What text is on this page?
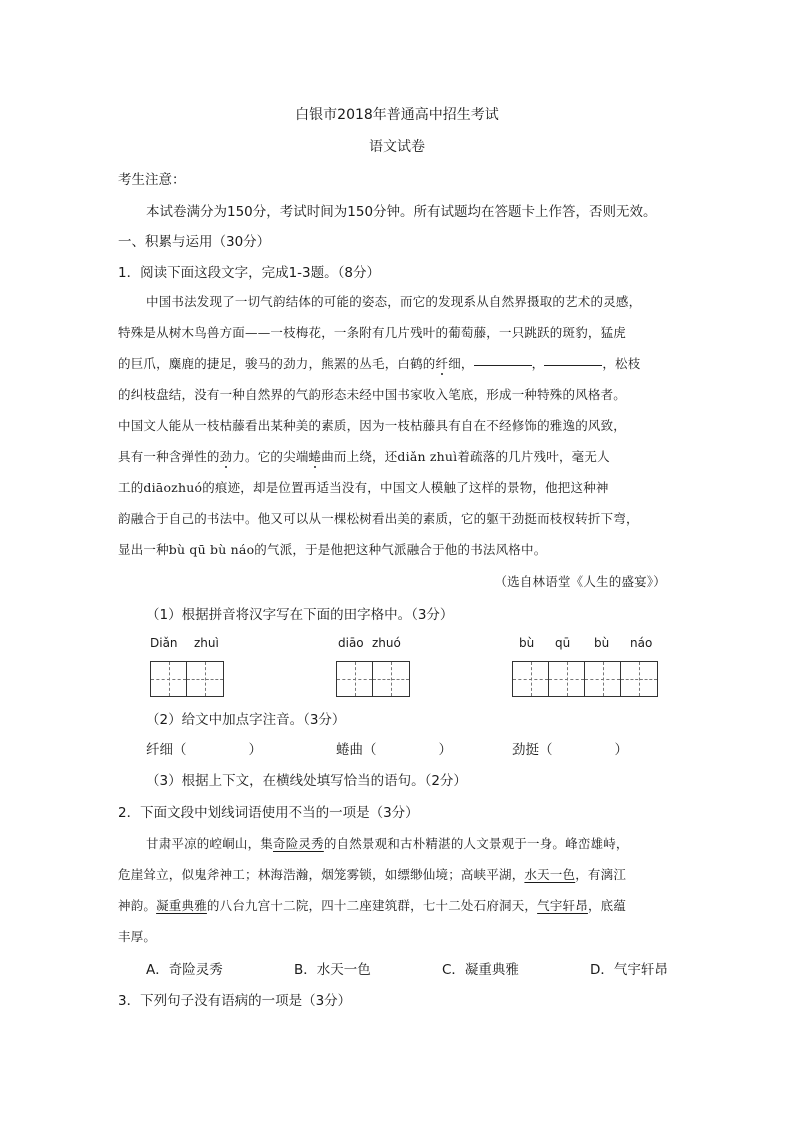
白银市2018年普通高中招生考试
语文试卷
考生注意：
本试卷满分为150分，考试时间为150分钟。所有试题均在答题卡上作答，否则无效。
一、积累与运用（30分）
1．阅读下面这段文字，完成1-3题。（8分）
中国书法发现了一切气韵结体的可能的姿态，而它的发现系从自然界摄取的艺术的灵感，
特殊是从树木鸟兽方面——一枝梅花，一条附有几片残叶的葡萄藤，一只跳跃的斑豹，猛虎
的巨爪，麋鹿的捷足，骏马的劲力，熊罴的丛毛，白鹤的纤细，	，	，松枝
的纠枝盘结，没有一种自然界的气韵形态未经中国书家收入笔底，形成一种特殊的风格者。
中国文人能从一枝枯藤看出某种美的素质，因为一枝枯藤具有自在不经修饰的雅逸的风致，
具有一种含弹性的劲力。它的尖端蜷曲而上绕，还diǎn zhuì着疏落的几片残叶，毫无人
工的diāozhuó的痕迹，却是位置再适当没有，中国文人模触了这样的景物，他把这种神
韵融合于自己的书法中。他又可以从一棵松树看出美的素质，它的躯干劲挺而枝杈转折下弯，
显出一种bù qū bù náo的气派，于是他把这种气派融合于他的书法风格中。
（选自林语堂《人生的盛宴》）
（1）根据拼音将汉字写在下面的田字格中。（3分）
Diǎn zhuì	diāo zhuó	bù qū bù náo
（2）给文中加点字注音。（3分）
纤细（	）	蜷曲（	）	劲挺（	）
（3）根据上下文，在横线处填写恰当的语句。（2分）
2．下面文段中划线词语使用不当的一项是（3分）
甘肃平凉的崆峒山，集奇险灵秀的自然景观和古朴精湛的人文景观于一身。峰峦雄峙，
危崖耸立，似鬼斧神工；林海浩瀚，烟笼雾锁，如缥缈仙境；高峡平湖，水天一色，有漓江
神韵。凝重典雅的八台九宫十二院，四十二座建筑群，七十二处石府洞天，气宇轩昂，底蕴
丰厚。
A．奇险灵秀	B．水天一色	C．凝重典雅	D．气宇轩昂
3．下列句子没有语病的一项是（3分）
